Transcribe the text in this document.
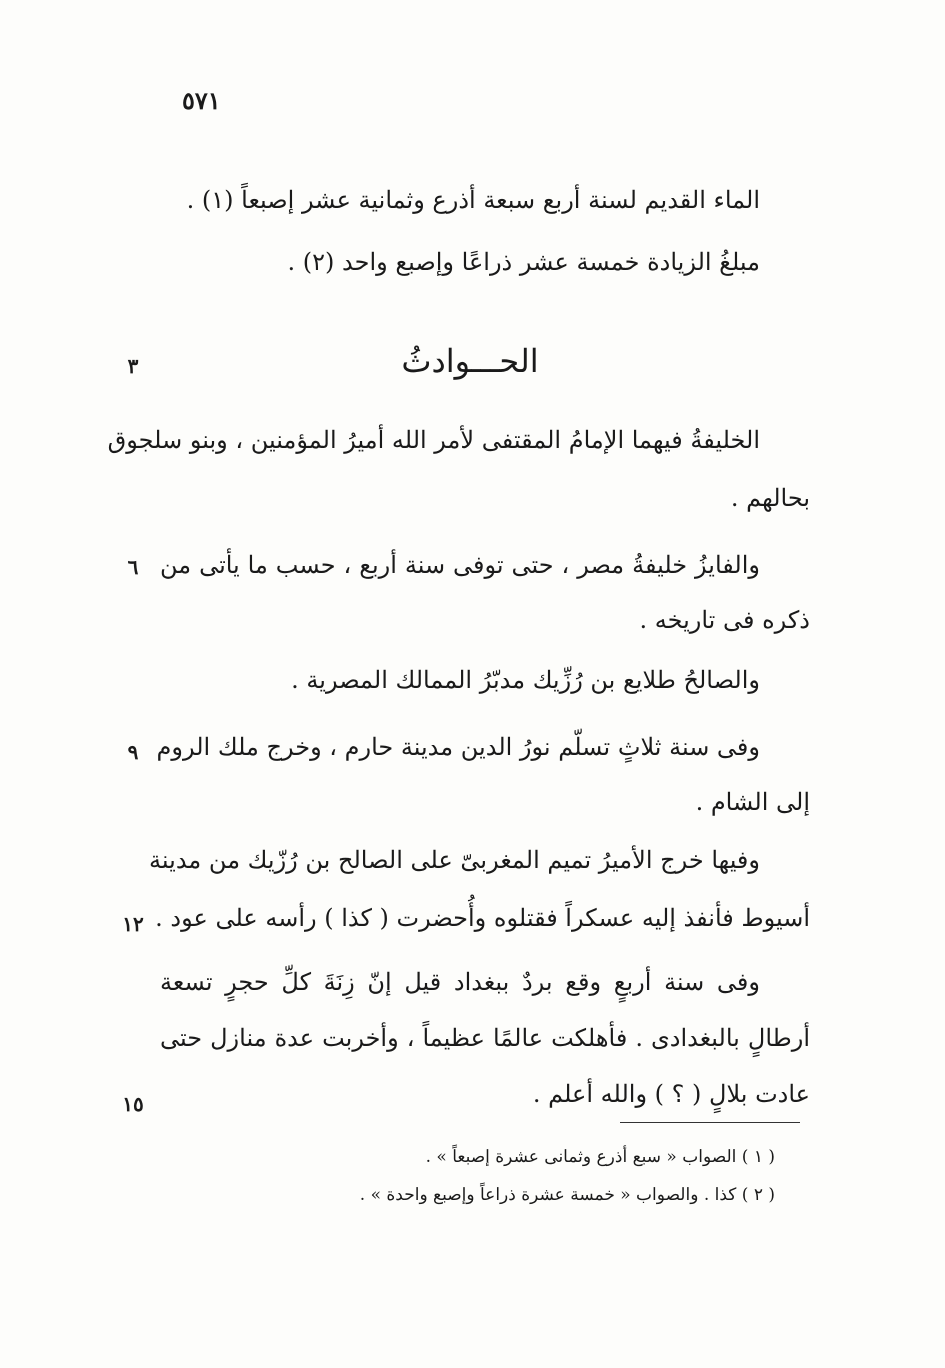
٥٧١
الماء القديم لسنة أربع سبعة أذرع وثمانية عشر إصبعاً (١) .
مبلغُ الزيادة خمسة عشر ذراعًا وإصبع واحد (٢) .
الحـــوادثُ
٣
٦
٩
١٢
١٥
الخليفةُ فيهما الإمامُ المقتفى لأمر الله أميرُ المؤمنين ، وبنو سلجوق
بحالهم .
والفايزُ خليفةُ مصر ، حتى توفى سنة أربع ، حسب ما يأتى من
ذكره فى تاريخه .
والصالحُ طلايع بن رُزِّيك مدبّرُ الممالك المصرية .
وفى سنة ثلاثٍ تسلّم نورُ الدين مدينة حارم ، وخرج ملك الروم
إلى الشام .
وفيها خرج الأميرُ تميم المغربىّ على الصالح بن رُزّيك من مدينة
أسيوط فأنفذ إليه عسكراً فقتلوه وأُحضرت ( كذا ) رأسه على عود .
وفى سنة أربعٍ وقع بردٌ ببغداد قيل إنّ زِنَةَ كلِّ حجرٍ تسعة
أرطالٍ بالبغدادى . فأهلكت عالمًا عظيماً ، وأخربت عدة منازل حتى
عادت بلالٍ ( ؟ ) والله أعلم .
( ١ ) الصواب « سبع أذرع وثمانى عشرة إصبعاً » .
( ٢ ) كذا . والصواب « خمسة عشرة ذراعاً وإصبع واحدة » .
